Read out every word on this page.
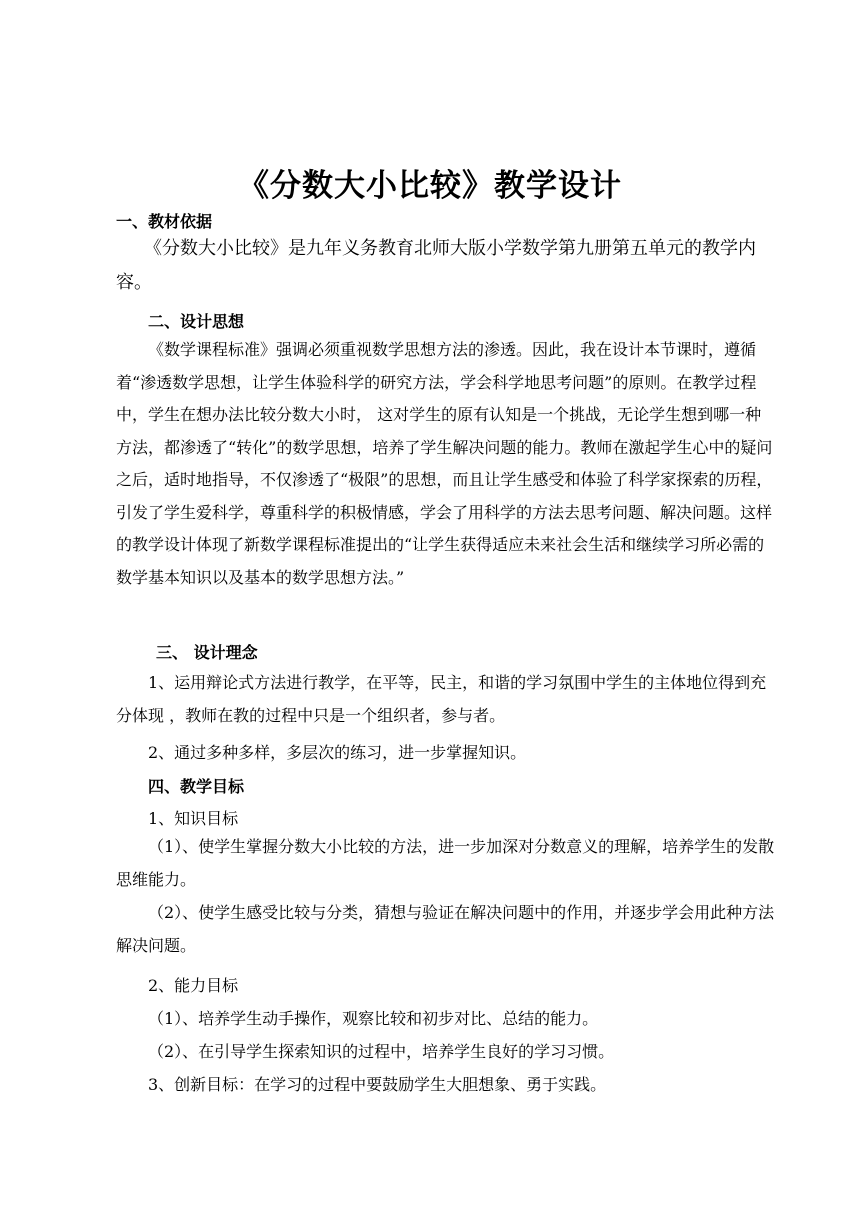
《分数大小比较》教学设计
一、教材依据
《分数大小比较》是九年义务教育北师大版小学数学第九册第五单元的教学内容。
二、设计思想
《数学课程标准》强调必须重视数学思想方法的渗透。因此，我在设计本节课时，遵循着“渗透数学思想，让学生体验科学的研究方法，学会科学地思考问题”的原则。在教学过程中，学生在想办法比较分数大小时， 这对学生的原有认知是一个挑战，无论学生想到哪一种方法，都渗透了“转化”的数学思想，培养了学生解决问题的能力。教师在激起学生心中的疑问之后，适时地指导，不仅渗透了“极限”的思想，而且让学生感受和体验了科学家探索的历程，引发了学生爱科学，尊重科学的积极情感，学会了用科学的方法去思考问题、解决问题。这样的教学设计体现了新数学课程标准提出的“让学生获得适应未来社会生活和继续学习所必需的数学基本知识以及基本的数学思想方法。”
三、 设计理念
1、运用辩论式方法进行教学，在平等，民主，和谐的学习氛围中学生的主体地位得到充分体现 ，教师在教的过程中只是一个组织者，参与者。
2、通过多种多样，多层次的练习，进一步掌握知识。
四、教学目标
1、知识目标
（1）、使学生掌握分数大小比较的方法，进一步加深对分数意义的理解，培养学生的发散思维能力。
（2）、使学生感受比较与分类，猜想与验证在解决问题中的作用，并逐步学会用此种方法解决问题。
2、能力目标
（1）、培养学生动手操作，观察比较和初步对比、总结的能力。
（2）、在引导学生探索知识的过程中，培养学生良好的学习习惯。
3、创新目标：在学习的过程中要鼓励学生大胆想象、勇于实践。
